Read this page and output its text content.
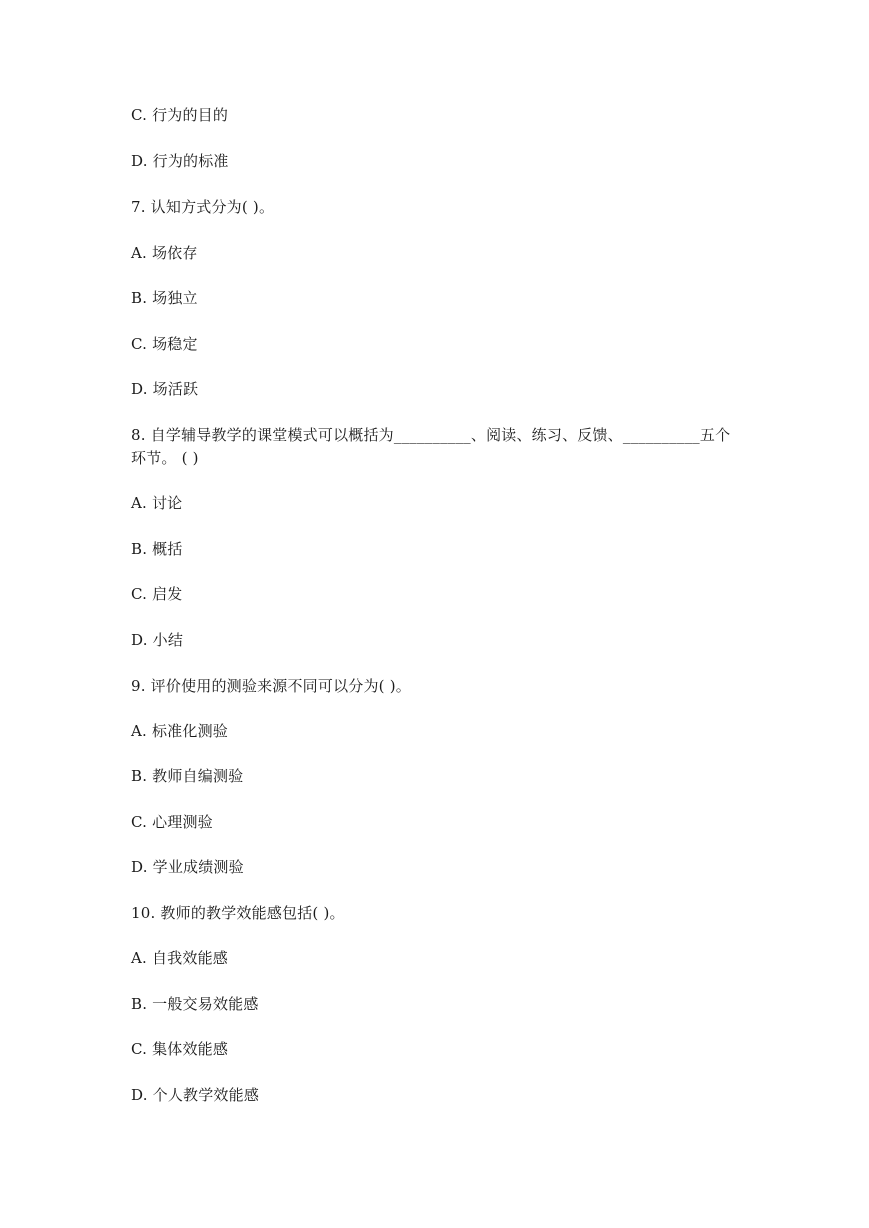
C. 行为的目的
D. 行为的标准
7. 认知方式分为( )。
A. 场依存
B. 场独立
C. 场稳定
D. 场活跃
8. 自学辅导教学的课堂模式可以概括为__________、阅读、练习、反馈、__________五个
环节。 ( )
A. 讨论
B. 概括
C. 启发
D. 小结
9. 评价使用的测验来源不同可以分为( )。
A. 标准化测验
B. 教师自编测验
C. 心理测验
D. 学业成绩测验
10. 教师的教学效能感包括( )。
A. 自我效能感
B. 一般交易效能感
C. 集体效能感
D. 个人教学效能感
